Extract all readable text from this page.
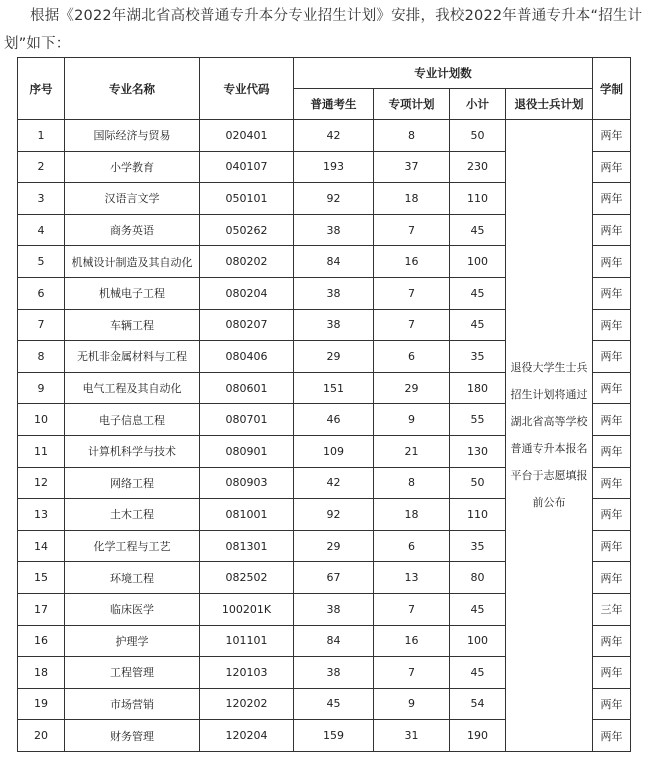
根据《2022年湖北省高校普通专升本分专业招生计划》安排，我校2022年普通专升本“招生计划”如下：
序号	专业名称	专业代码	专业计划数				学制
			普通考生	专项计划	小计	退役士兵计划	
1	国际经济与贸易	020401	42	8	50	退役大学生士兵招生计划将通过湖北省高等学校普通专升本报名平台于志愿填报前公布	两年
2	小学教育	040107	193	37	230		两年
3	汉语言文学	050101	92	18	110		两年
4	商务英语	050262	38	7	45		两年
5	机械设计制造及其自动化	080202	84	16	100		两年
6	机械电子工程	080204	38	7	45		两年
7	车辆工程	080207	38	7	45		两年
8	无机非金属材料与工程	080406	29	6	35		两年
9	电气工程及其自动化	080601	151	29	180		两年
10	电子信息工程	080701	46	9	55		两年
11	计算机科学与技术	080901	109	21	130		两年
12	网络工程	080903	42	8	50		两年
13	土木工程	081001	92	18	110		两年
14	化学工程与工艺	081301	29	6	35		两年
15	环境工程	082502	67	13	80		两年
17	临床医学	100201K	38	7	45		三年
16	护理学	101101	84	16	100		两年
18	工程管理	120103	38	7	45		两年
19	市场营销	120202	45	9	54		两年
20	财务管理	120204	159	31	190		两年
